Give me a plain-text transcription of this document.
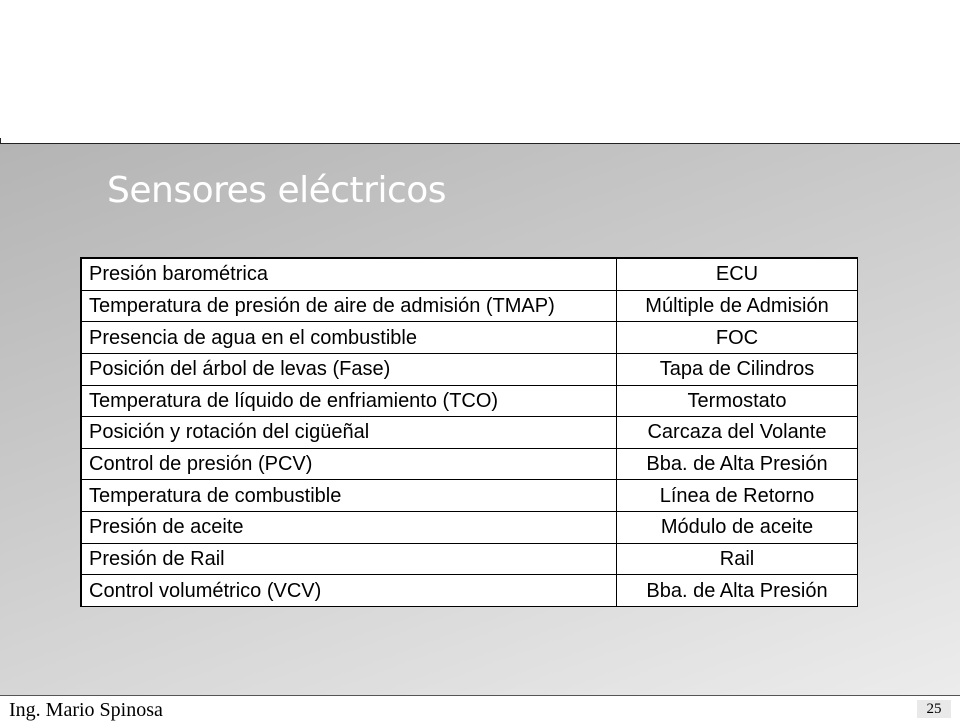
Sensores eléctricos
Presión barométrica	ECU
Temperatura de presión de aire de admisión (TMAP)	Múltiple de Admisión
Presencia de agua en el combustible	FOC
Posición del árbol de levas (Fase)	Tapa de Cilindros
Temperatura de líquido de enfriamiento (TCO)	Termostato
Posición y rotación del cigüeñal	Carcaza del Volante
Control de presión (PCV)	Bba. de Alta Presión
Temperatura de combustible	Línea de Retorno
Presión de aceite	Módulo de aceite
Presión de Rail	Rail
Control volumétrico (VCV)	Bba. de Alta Presión
Ing. Mario Spinosa	25
